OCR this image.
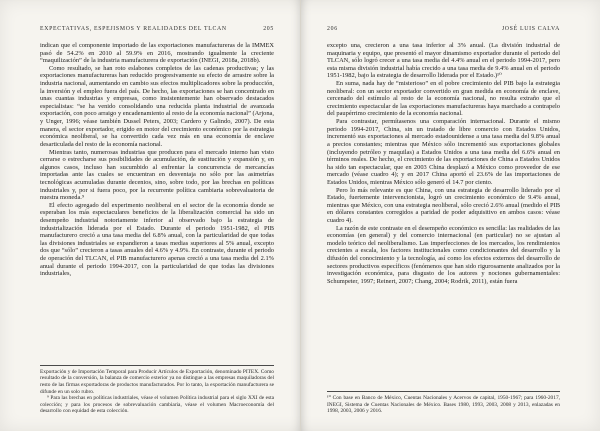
EXPECTATIVAS, ESPEJISMOS Y REALIDADES DEL TLCAN	205

indican que el componente importado de las exportaciones manufactureras de la IMMEX pasó de 54.2% en 2010 al 59.9% en 2016, mostrando igualmente la creciente “maquilización” de la industria manufacturera de exportación (INEGI, 2018a, 2018b).

Como resultado, se han roto eslabones completos de las cadenas productivas; y las exportaciones manufactureras han reducido progresivamente su efecto de arrastre sobre la industria nacional, aumentando en cambio sus efectos multiplicadores sobre la producción, la inversión y el empleo fuera del país. De hecho, las exportaciones se han concentrado en unas cuantas industrias y empresas, como insistentemente han observado destacados especialistas: “se ha venido consolidando una reducida planta industrial de avanzada exportación, con poco arraigo y encadenamiento al resto de la economía nacional” (Arjona, y Unger, 1996; véase también Dussel Peters, 2003; Cardero y Galindo, 2007). De esta manera, el sector exportador, erigido en motor del crecimiento económico por la estrategia económica neoliberal, se ha convertido cada vez más en una economía de enclave desarticulada del resto de la economía nacional.

Mientras tanto, numerosas industrias que producen para el mercado interno han visto cerrarse o estrecharse sus posibilidades de acumulación, de sustitución y expansión y, en algunos casos, incluso han sucumbido al enfrentar la concurrencia de mercancías importadas ante las cuales se encuentran en desventaja no sólo por las asimetrías tecnológicas acumuladas durante decenios, sino, sobre todo, por las brechas en políticas industriales y, por si fuera poco, por la recurrente política cambiaria sobrevaluatoria de nuestra moneda.⁹

El efecto agregado del experimento neoliberal en el sector de la economía donde se esperaban los más espectaculares beneficios de la liberalización comercial ha sido un desempeño industrial notoriamente inferior al observado bajo la estrategia de industrialización liderada por el Estado. Durante el periodo 1951-1982, el PIB manufacturero creció a una tasa media del 6.8% anual, con la particularidad de que todas las divisiones industriales se expandieron a tasas medias superiores al 5% anual, excepto dos que “sólo” crecieron a tasas anuales del 4.6% y 4.9%. En contraste, durante el periodo de operación del TLCAN, el PIB manufacturero apenas creció a una tasa media del 2.1% anual durante el periodo 1994-2017, con la particularidad de que todas las divisiones industriales,

Exportación y de Importación Temporal para Producir Artículos de Exportación, denominado PITEX. Como resultado de la conversión, la balanza de comercio exterior ya no distingue a las empresas maquiladoras del resto de las firmas exportadoras de productos manufacturados. Por lo tanto, la exportación manufacturera se difunde en un solo rubro.

⁹ Para las brechas en políticas industriales, véase el volumen Política industrial para el siglo XXI de esta colección; y para los procesos de sobrevaluación cambiaria, véase el volumen Macroeconomía del desarrollo con equidad de esta colección.

206	JOSÉ LUIS CALVA

excepto una, crecieron a una tasa inferior al 3% anual. (La división industrial de maquinaria y equipo, que presentó el mayor dinamismo exportador durante el periodo del TLCAN, sólo logró crecer a una tasa media del 4.4% anual en el periodo 1994-2017, pero esta misma división industrial había crecido a una tasa media de 9.4% anual en el periodo 1951-1982, bajo la estrategia de desarrollo liderada por el Estado.)¹⁰

En suma, nada hay de “misterioso” en el pobre crecimiento del PIB bajo la estrategia neoliberal: con un sector exportador convertido en gran medida en economía de enclave, cercenado del estímulo al resto de la economía nacional, no resulta extraño que el crecimiento espectacular de las exportaciones manufactureras haya marchado a contrapelo del paupérrimo crecimiento de la economía nacional.

Para contrastar, permítasenos una comparación internacional. Durante el mismo periodo 1994-2017, China, sin un tratado de libre comercio con Estados Unidos, incrementó sus exportaciones al mercado estadounidense a una tasa media del 9.8% anual a precios constantes; mientras que México sólo incrementó sus exportaciones globales (incluyendo petróleo y maquilas) a Estados Unidos a una tasa media del 6.6% anual en términos reales. De hecho, el crecimiento de las exportaciones de China a Estados Unidos ha sido tan espectacular, que en 2003 China desplazó a México como proveedor de ese mercado (véase cuadro 4); y en 2017 China aportó el 23.6% de las importaciones de Estados Unidos, mientras México sólo generó el 14.7 por ciento.

Pero lo más relevante es que China, con una estrategia de desarrollo liderado por el Estado, fuertemente intervencionista, logró un crecimiento económico de 9.4% anual, mientras que México, con una estrategia neoliberal, sólo creció 2.6% anual (medido el PIB en dólares constantes corregidos a paridad de poder adquisitivo en ambos casos: véase cuadro 4).

La razón de este contraste en el desempeño económico es sencilla: las realidades de las economías (en general) y del comercio internacional (en particular) no se ajustan al modelo teórico del neoliberalismo. Las imperfecciones de los mercados, los rendimientos crecientes a escala, los factores institucionales como condicionantes del desarrollo y la difusión del conocimiento y la tecnología, así como los efectos externos del desarrollo de sectores productivos específicos (fenómenos que han sido rigurosamente analizados por la investigación económica, para disgusto de los autores y nociones gubernamentales: Schumpeter, 1997; Reinert, 2007; Chang, 2004; Rodrik, 2011), están fuera

¹⁰ Con base en Banco de México, Cuentas Nacionales y Acervos de capital, 1950-1967; para 1960-2017, INEGI, Sistema de Cuentas Nacionales de México. Bases 1980, 1993, 2003, 2008 y 2013, enlazadas en 1998, 2003, 2006 y 2016.
